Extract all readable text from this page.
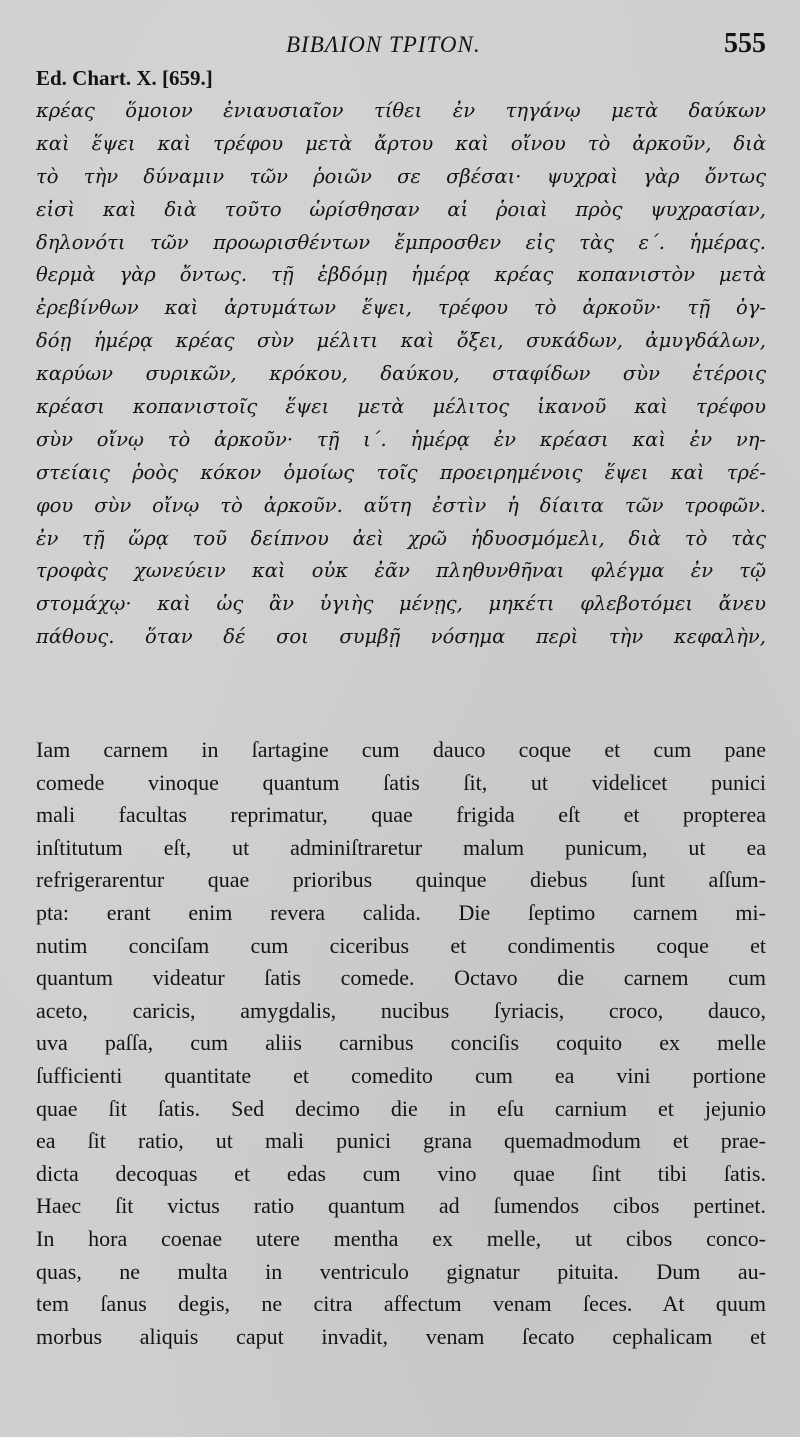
ΒΙΒΛΙΟΝ ΤΡΙΤΟΝ.	555
Ed. Chart. X. [659.]
κρέας ὅμοιον ἐνιαυσιαῖον τίθει ἐν τηγάνῳ μετὰ δαύκων
καὶ ἕψει καὶ τρέφου μετὰ ἄρτου καὶ οἴνου τὸ ἀρκοῦν, διὰ
τὸ τὴν δύναμιν τῶν ῥοιῶν σε σβέσαι· ψυχραὶ γὰρ ὄντως
εἰσὶ καὶ διὰ τοῦτο ὡρίσθησαν αἱ ῥοιαὶ πρὸς ψυχρασίαν,
δηλονότι τῶν προωρισθέντων ἔμπροσθεν εἰς τὰς ε΄. ἡμέρας.
θερμὰ γὰρ ὄντως. τῇ ἑβδόμῃ ἡμέρᾳ κρέας κοπανιστὸν μετὰ
ἐρεβίνθων καὶ ἀρτυμάτων ἕψει, τρέφου τὸ ἀρκοῦν· τῇ ὀγ-
δόῃ ἡμέρᾳ κρέας σὺν μέλιτι καὶ ὄξει, συκάδων, ἀμυγδάλων,
καρύων συρικῶν, κρόκου, δαύκου, σταφίδων σὺν ἑτέροις
κρέασι κοπανιστοῖς ἕψει μετὰ μέλιτος ἱκανοῦ καὶ τρέφου
σὺν οἴνῳ τὸ ἀρκοῦν· τῇ ι΄. ἡμέρᾳ ἐν κρέασι καὶ ἐν νη-
στείαις ῥοὸς κόκον ὁμοίως τοῖς προειρημένοις ἕψει καὶ τρέ-
φου σὺν οἴνῳ τὸ ἀρκοῦν. αὕτη ἐστὶν ἡ δίαιτα τῶν τροφῶν.
ἐν τῇ ὥρᾳ τοῦ δείπνου ἀεὶ χρῶ ἡδυοσμόμελι, διὰ τὸ τὰς
τροφὰς χωνεύειν καὶ οὐκ ἐᾶν πληθυνθῆναι φλέγμα ἐν τῷ
στομάχῳ· καὶ ὡς ἂν ὑγιὴς μένῃς, μηκέτι φλεβοτόμει ἄνευ
πάθους. ὅταν δέ σοι συμβῇ νόσημα περὶ τὴν κεφαλὴν,
Iam carnem in ſartagine cum dauco coque et cum pane
comede vinoque quantum ſatis ſit, ut videlicet punici
mali facultas reprimatur, quae frigida eſt et propterea
inſtitutum eſt, ut adminiſtraretur malum punicum, ut ea
refrigerarentur quae prioribus quinque diebus ſunt aſſum-
pta: erant enim revera calida. Die ſeptimo carnem mi-
nutim conciſam cum ciceribus et condimentis coque et
quantum videatur ſatis comede. Octavo die carnem cum
aceto, caricis, amygdalis, nucibus ſyriacis, croco, dauco,
uva paſſa, cum aliis carnibus conciſis coquito ex melle
ſufficienti quantitate et comedito cum ea vini portione
quae ſit ſatis. Sed decimo die in eſu carnium et jejunio
ea ſit ratio, ut mali punici grana quemadmodum et prae-
dicta decoquas et edas cum vino quae ſint tibi ſatis.
Haec ſit victus ratio quantum ad ſumendos cibos pertinet.
In hora coenae utere mentha ex melle, ut cibos conco-
quas, ne multa in ventriculo gignatur pituita. Dum au-
tem ſanus degis, ne citra affectum venam ſeces. At quum
morbus aliquis caput invadit, venam ſecato cephalicam et
